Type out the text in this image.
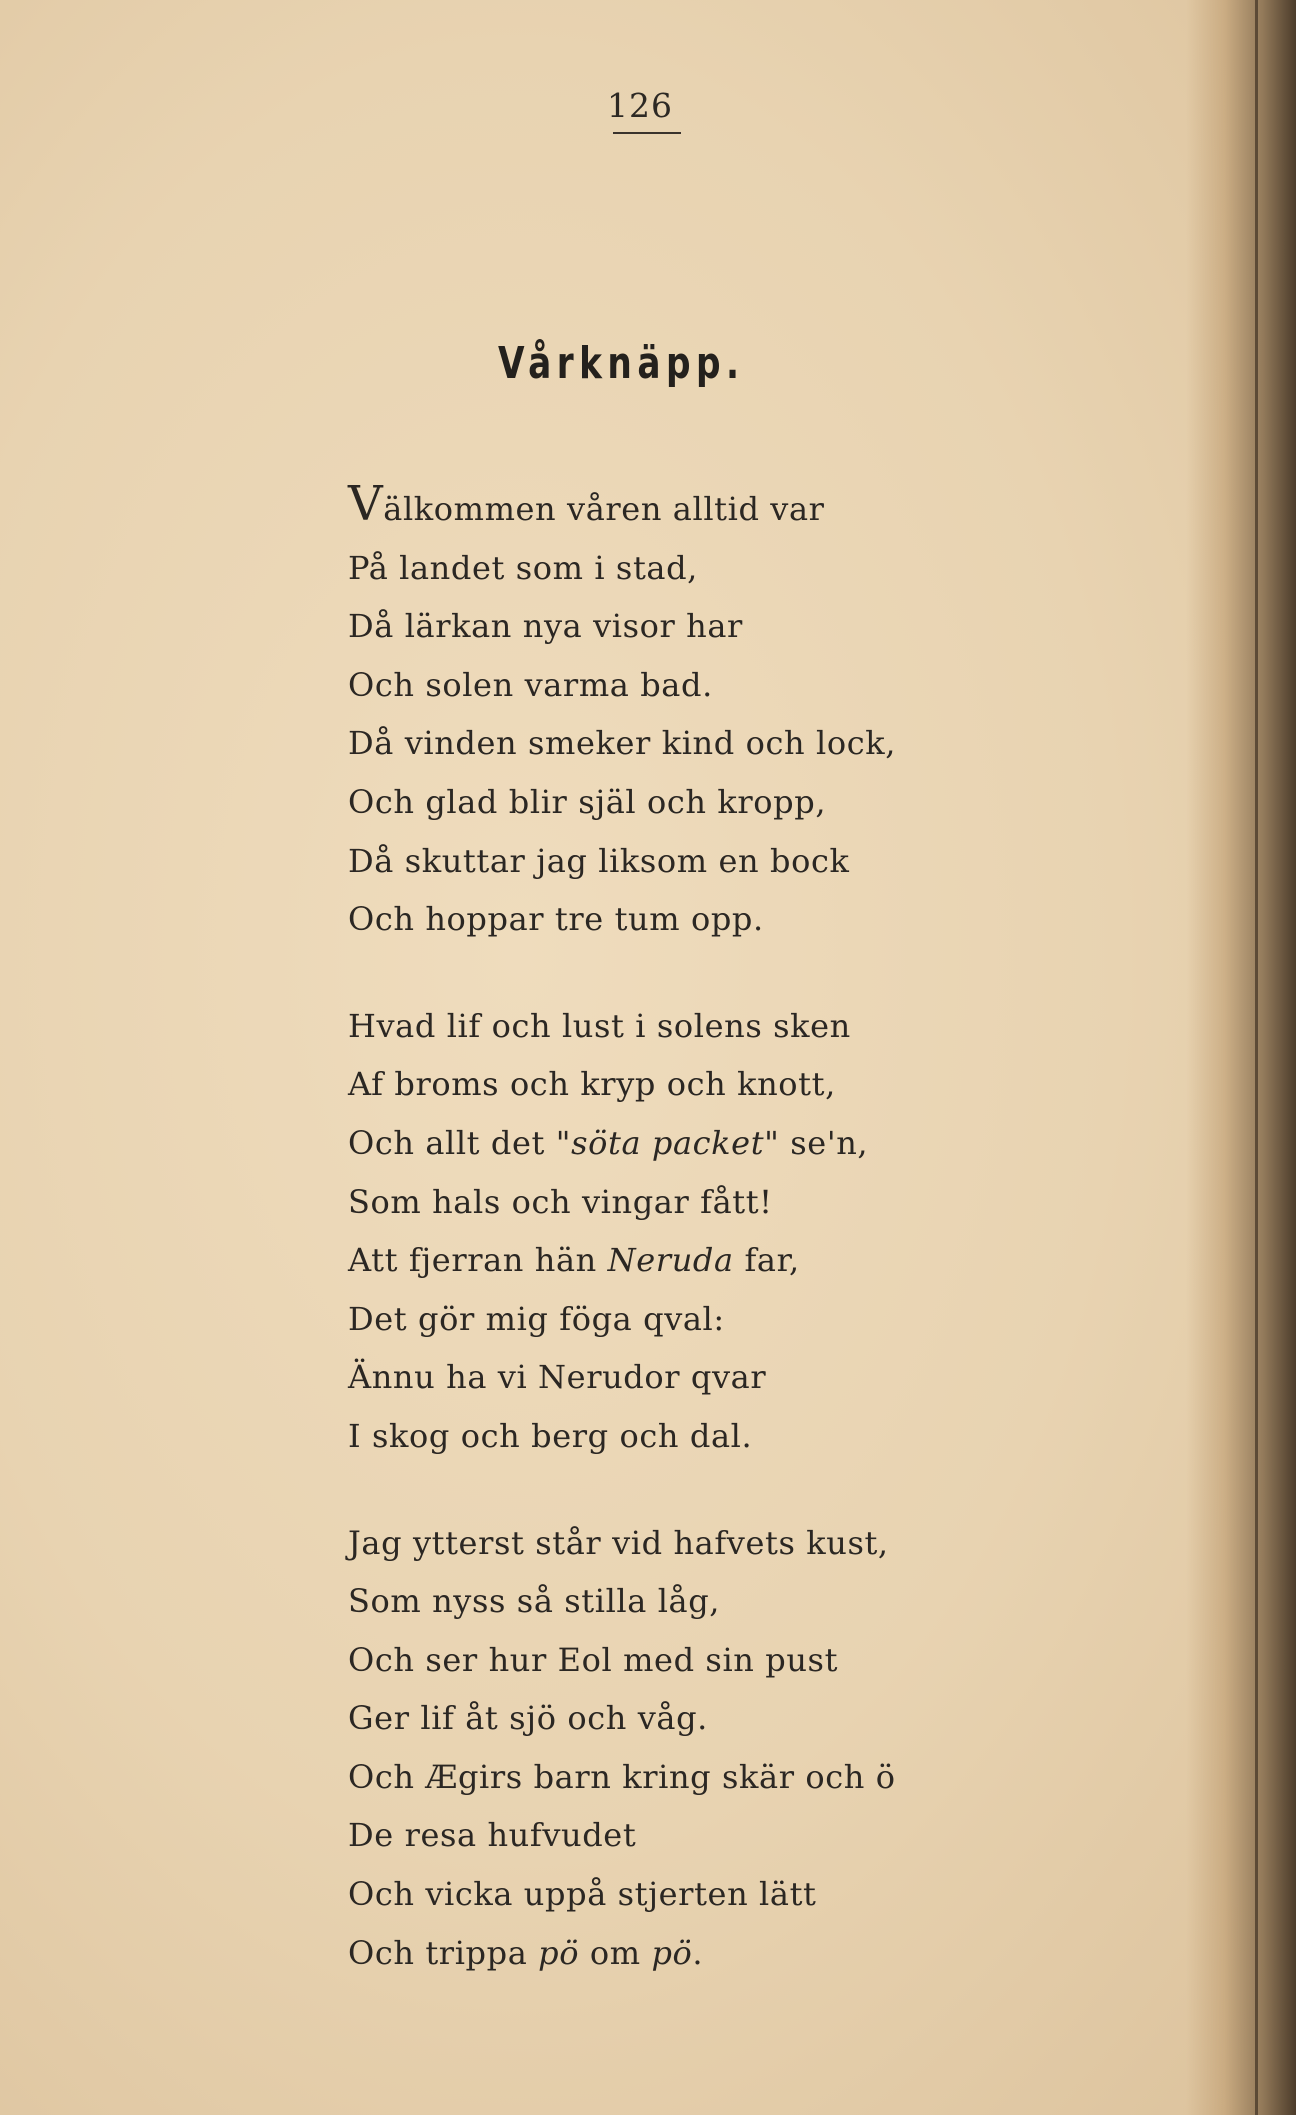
126
Vårknäpp.
Välkommen våren alltid var
På landet som i stad,
Då lärkan nya visor har
Och solen varma bad.
Då vinden smeker kind och lock,
Och glad blir själ och kropp,
Då skuttar jag liksom en bock
Och hoppar tre tum opp.
Hvad lif och lust i solens sken
Af broms och kryp och knott,
Och allt det "söta packet" se'n,
Som hals och vingar fått!
Att fjerran hän Neruda far,
Det gör mig föga qval:
Ännu ha vi Nerudor qvar
I skog och berg och dal.
Jag ytterst står vid hafvets kust,
Som nyss så stilla låg,
Och ser hur Eol med sin pust
Ger lif åt sjö och våg.
Och Ægirs barn kring skär och ö
De resa hufvudet
Och vicka uppå stjerten lätt
Och trippa pö om pö.
